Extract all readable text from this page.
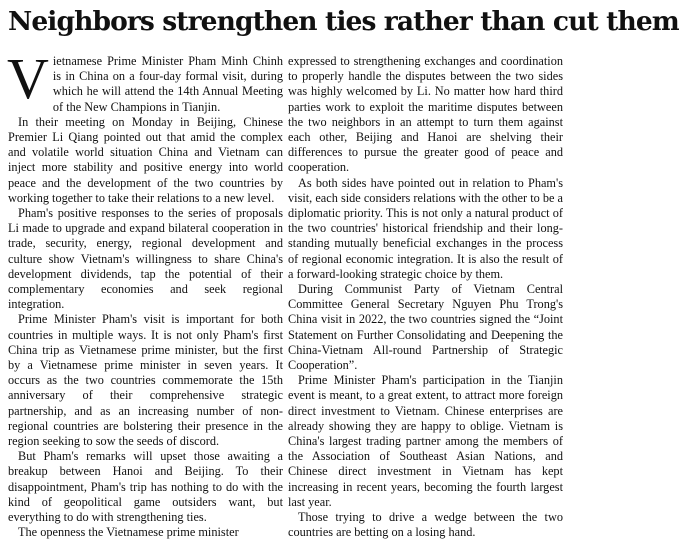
Neighbors strengthen ties rather than cut them

Vietnamese Prime Minister Pham Minh Chinh is in China on a four-day formal visit, during which he will attend the 14th Annual Meeting of the New Champions in Tianjin.

In their meeting on Monday in Beijing, Chinese Premier Li Qiang pointed out that amid the complex and volatile world situation China and Vietnam can inject more stability and positive energy into world peace and the development of the two countries by working together to take their relations to a new level.

Pham's positive responses to the series of proposals Li made to upgrade and expand bilateral cooperation in trade, security, energy, regional development and culture show Vietnam's willingness to share China's development dividends, tap the potential of their complementary economies and seek regional integration.

Prime Minister Pham's visit is important for both countries in multiple ways. It is not only Pham's first China trip as Vietnamese prime minister, but the first by a Vietnamese prime minister in seven years. It occurs as the two countries commemorate the 15th anniversary of their comprehensive strategic partnership, and as an increasing number of non-regional countries are bolstering their presence in the region seeking to sow the seeds of discord.

But Pham's remarks will upset those awaiting a breakup between Hanoi and Beijing. To their disappointment, Pham's trip has nothing to do with the kind of geopolitical game outsiders want, but everything to do with strengthening ties.

The openness the Vietnamese prime minister

expressed to strengthening exchanges and coordination to properly handle the disputes between the two sides was highly welcomed by Li. No matter how hard third parties work to exploit the maritime disputes between the two neighbors in an attempt to turn them against each other, Beijing and Hanoi are shelving their differences to pursue the greater good of peace and cooperation.

As both sides have pointed out in relation to Pham's visit, each side considers relations with the other to be a diplomatic priority. This is not only a natural product of the two countries' historical friendship and their long-standing mutually beneficial exchanges in the process of regional economic integration. It is also the result of a forward-looking strategic choice by them.

During Communist Party of Vietnam Central Committee General Secretary Nguyen Phu Trong's China visit in 2022, the two countries signed the “Joint Statement on Further Consolidating and Deepening the China-Vietnam All-round Partnership of Strategic Cooperation”.

Prime Minister Pham's participation in the Tianjin event is meant, to a great extent, to attract more foreign direct investment to Vietnam. Chinese enterprises are already showing they are happy to oblige. Vietnam is China's largest trading partner among the members of the Association of Southeast Asian Nations, and Chinese direct investment in Vietnam has kept increasing in recent years, becoming the fourth largest last year.

Those trying to drive a wedge between the two countries are betting on a losing hand.
